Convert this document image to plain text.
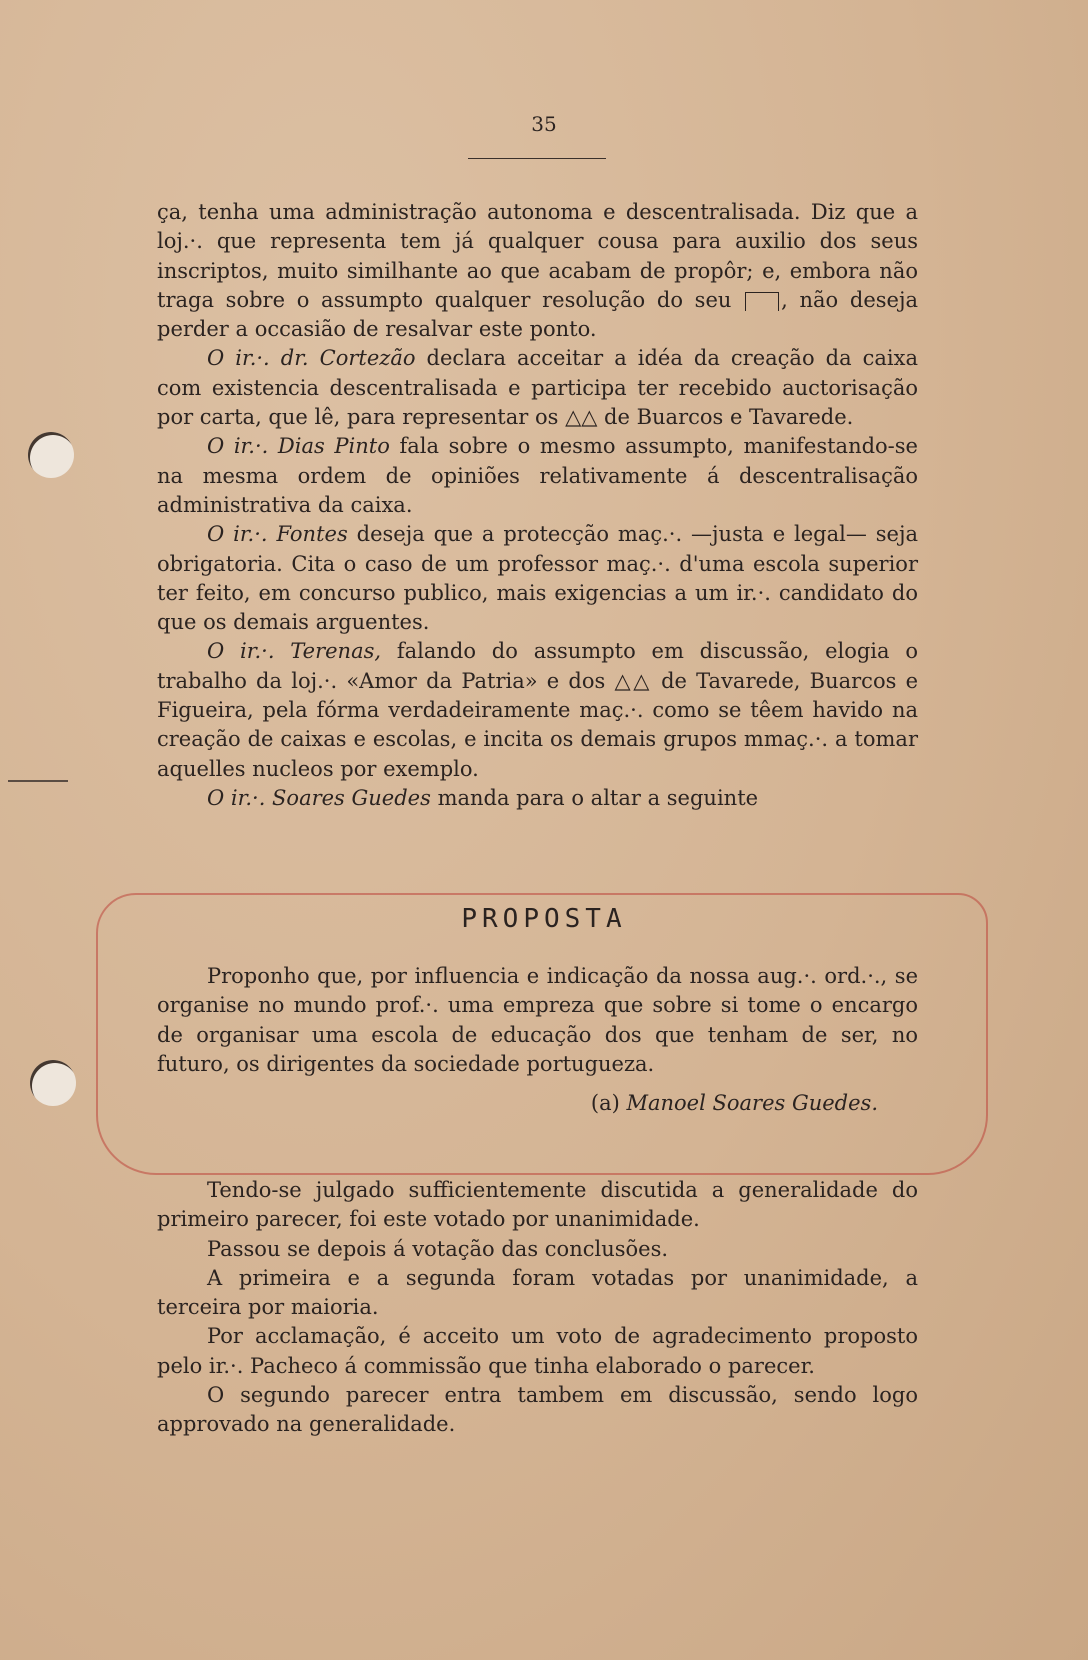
35

ça, tenha uma administração autonoma e descentralisada. Diz que a loj.·. que representa tem já qualquer cousa para auxilio dos seus inscriptos, muito similhante ao que acabam de propôr; e, embora não traga sobre o assumpto qualquer resolução do seu , não deseja perder a occasião de resalvar este ponto.

O ir.·. dr. Cortezão declara acceitar a idéa da creação da caixa com existencia descentralisada e participa ter recebido auctorisação por carta, que lê, para representar os △△ de Buarcos e Tavarede.

O ir.·. Dias Pinto fala sobre o mesmo assumpto, manifestando-se na mesma ordem de opiniões relativamente á descentralisação administrativa da caixa.

O ir.·. Fontes deseja que a protecção maç.·. —justa e legal— seja obrigatoria. Cita o caso de um professor maç.·. d'uma escola superior ter feito, em concurso publico, mais exigencias a um ir.·. candidato do que os demais arguentes.

O ir.·. Terenas, falando do assumpto em discussão, elogia o trabalho da loj.·. «Amor da Patria» e dos △△ de Tavarede, Buarcos e Figueira, pela fórma verdadeiramente maç.·. como se têem havido na creação de caixas e escolas, e incita os demais grupos mmaç.·. a tomar aquelles nucleos por exemplo.

O ir.·. Soares Guedes manda para o altar a seguinte

PROPOSTA

Proponho que, por influencia e indicação da nossa aug.·. ord.·., se organise no mundo prof.·. uma empreza que sobre si tome o encargo de organisar uma escola de educação dos que tenham de ser, no futuro, os dirigentes da sociedade portugueza.

(a) Manoel Soares Guedes.

Tendo-se julgado sufficientemente discutida a generalidade do primeiro parecer, foi este votado por unanimidade.

Passou se depois á votação das conclusões.

A primeira e a segunda foram votadas por unanimidade, a terceira por maioria.

Por acclamação, é acceito um voto de agradecimento proposto pelo ir.·. Pacheco á commissão que tinha elaborado o parecer.

O segundo parecer entra tambem em discussão, sendo logo approvado na generalidade.
